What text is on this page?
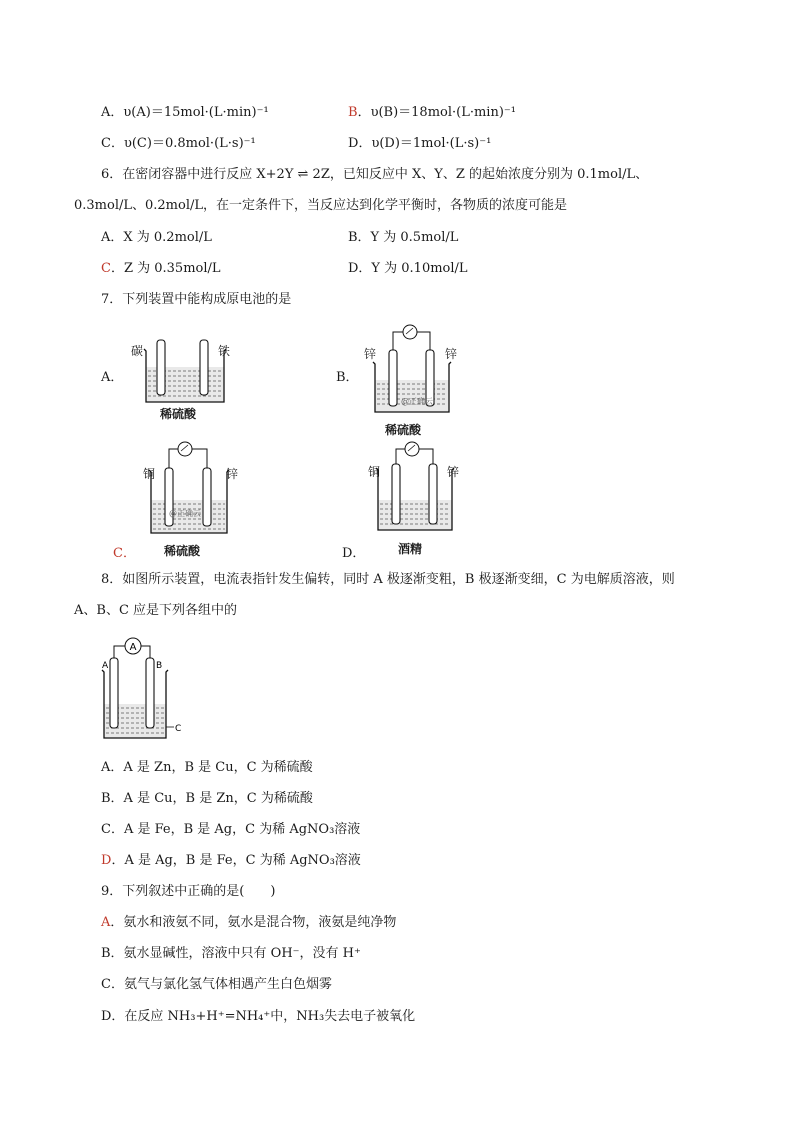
A．υ(A)＝15mol·(L·min)⁻¹	B．υ(B)＝18mol·(L·min)⁻¹
C．υ(C)＝0.8mol·(L·s)⁻¹	D．υ(D)＝1mol·(L·s)⁻¹
6．在密闭容器中进行反应 X+2Y ⇌ 2Z，已知反应中 X、Y、Z 的起始浓度分别为 0.1mol/L、
0.3mol/L、0.2mol/L，在一定条件下，当反应达到化学平衡时，各物质的浓度可能是
A．X 为 0.2mol/L	B．Y 为 0.5mol/L
C．Z 为 0.35mol/L	D．Y 为 0.10mol/L
7．下列装置中能构成原电池的是
A．
碳	铁
稀硫酸
B．
锌	锌
@正确云
稀硫酸
铜	锌
@正确云
稀硫酸
C．
铜	锌
酒精
D．
8．如图所示装置，电流表指针发生偏转，同时 A 极逐渐变粗，B 极逐渐变细，C 为电解质溶液，则
A、B、C 应是下列各组中的
A
A	B
C
A．A 是 Zn，B 是 Cu，C 为稀硫酸
B．A 是 Cu，B 是 Zn，C 为稀硫酸
C．A 是 Fe，B 是 Ag，C 为稀 AgNO₃溶液
D．A 是 Ag，B 是 Fe，C 为稀 AgNO₃溶液
9．下列叙述中正确的是(　　)
A．氨水和液氨不同，氨水是混合物，液氨是纯净物
B．氨水显碱性，溶液中只有 OH⁻，没有 H⁺
C．氨气与氯化氢气体相遇产生白色烟雾
D．在反应 NH₃+H⁺=NH₄⁺中，NH₃失去电子被氧化
